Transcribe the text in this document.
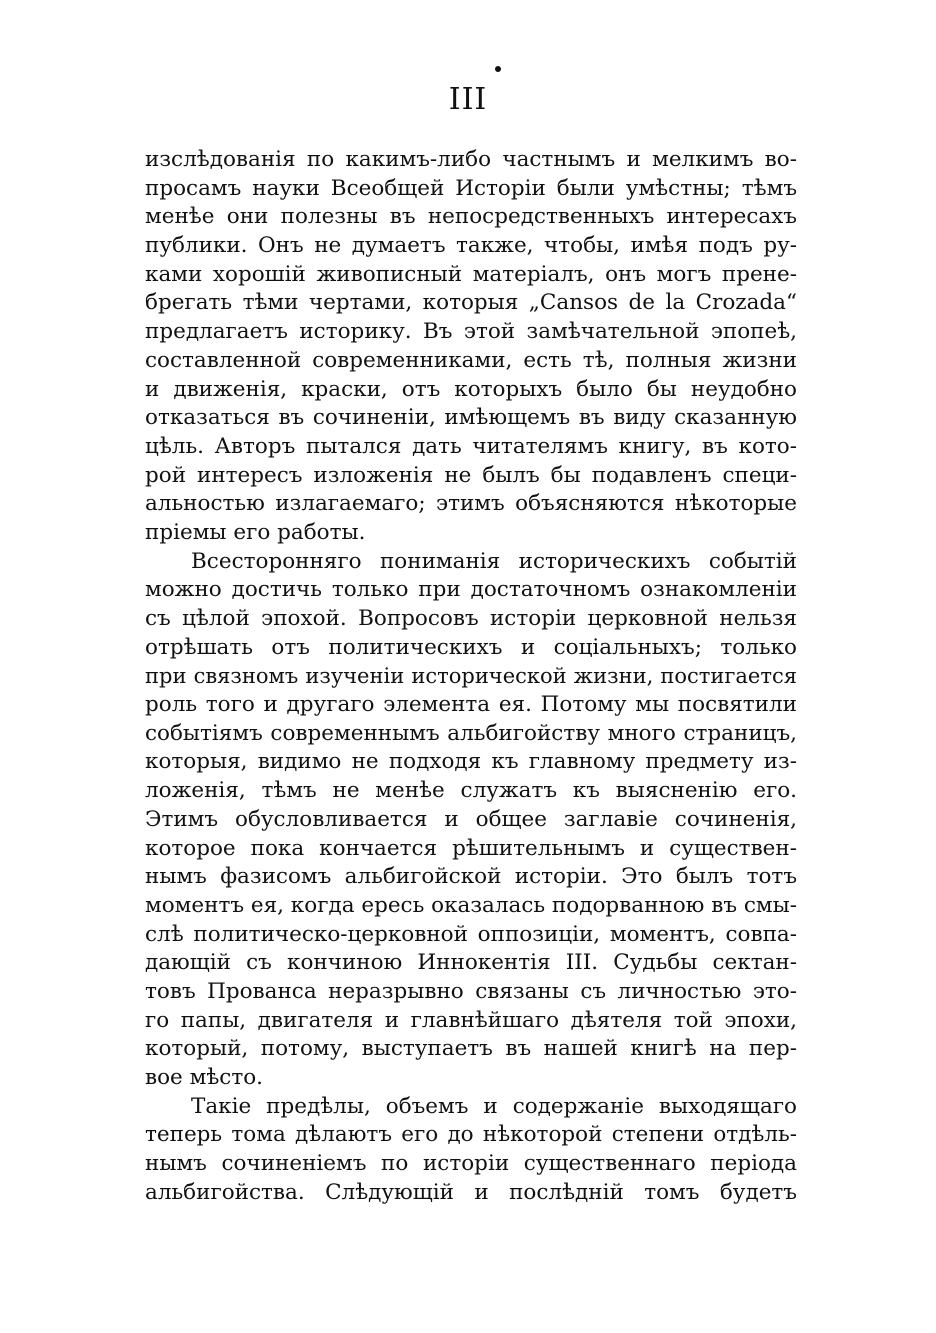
III
изслѣдованія по какимъ-либо частнымъ и мелкимъ во-
просамъ науки Всеобщей Исторіи были умѣстны; тѣмъ
менѣе они полезны въ непосредственныхъ интересахъ
публики. Онъ не думаетъ также, чтобы, имѣя подъ ру-
ками хорошій живописный матеріалъ, онъ могъ прене-
брегать тѣми чертами, которыя „Cansos de la Crozada“
предлагаетъ историку. Въ этой замѣчательной эпопеѣ,
составленной современниками, есть тѣ, полныя жизни
и движенія, краски, отъ которыхъ было бы неудобно
отказаться въ сочиненіи, имѣющемъ въ виду сказанную
цѣль. Авторъ пытался дать читателямъ книгу, въ кото-
рой интересъ изложенія не былъ бы подавленъ специ-
альностью излагаемаго; этимъ объясняются нѣкоторые
пріемы его работы.
Всесторонняго пониманія историческихъ событій
можно достичь только при достаточномъ ознакомленіи
съ цѣлой эпохой. Вопросовъ исторіи церковной нельзя
отрѣшать отъ политическихъ и соціальныхъ; только
при связномъ изученіи исторической жизни, постигается
роль того и другаго элемента ея. Потому мы посвятили
событіямъ современнымъ альбигойству много страницъ,
которыя, видимо не подходя къ главному предмету из-
ложенія, тѣмъ не менѣе служатъ къ выясненію его.
Этимъ обусловливается и общее заглавіе сочиненія,
которое пока кончается рѣшительнымъ и существен-
нымъ фазисомъ альбигойской исторіи. Это былъ тотъ
моментъ ея, когда ересь оказалась подорванною въ смы-
слѣ политическо-церковной оппозиціи, моментъ, совпа-
дающій съ кончиною Иннокентія III. Судьбы сектан-
товъ Прованса неразрывно связаны съ личностью это-
го папы, двигателя и главнѣйшаго дѣятеля той эпохи,
который, потому, выступаетъ въ нашей книгѣ на пер-
вое мѣсто.
Такіе предѣлы, объемъ и содержаніе выходящаго
теперь тома дѣлаютъ его до нѣкоторой степени отдѣль-
нымъ сочиненіемъ по исторіи существеннаго періода
альбигойства. Слѣдующій и послѣдній томъ будетъ
